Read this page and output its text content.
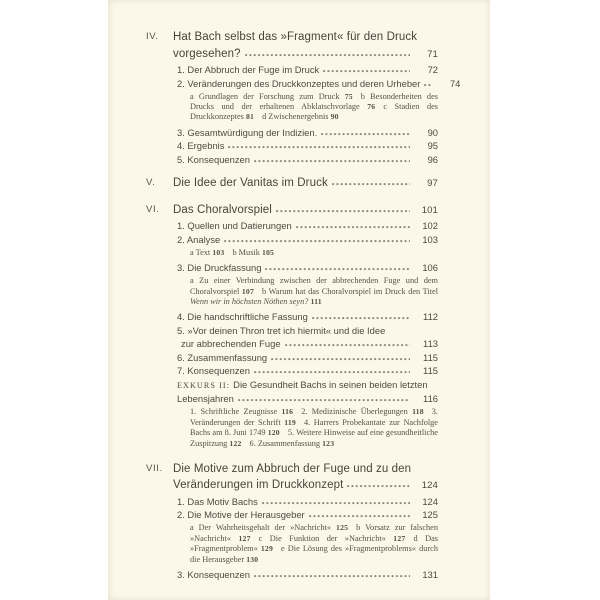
IV.	Hat Bach selbst das »Fragment« für den Druck
vorgesehen?	71
1. Der Abbruch der Fuge im Druck	72
2. Veränderungen des Druckkonzeptes und deren Urheber	74
a Grundlagen der Forschung zum Druck 75 b Besonderheiten des Drucks und der erhaltenen Abklatschvorlage 76 c Stadien des Druckkonzeptes 81 d Zwischenergebnis 90
3. Gesamtwürdigung der Indizien.	90
4. Ergebnis	95
5. Konsequenzen	96
V.	Die Idee der Vanitas im Druck	97
VI.	Das Choralvorspiel	101
1. Quellen und Datierungen	102
2. Analyse	103
a Text 103 b Musik 105
3. Die Druckfassung	106
a Zu einer Verbindung zwischen der abbrechenden Fuge und dem Choralvorspiel 107 b Warum hat das Choralvorspiel im Druck den Titel Wenn wir in höchsten Nöthen seyn? 111
4. Die handschriftliche Fassung	112
5. »Vor deinen Thron tret ich hiermit« und die Idee
zur abbrechenden Fuge	113
6. Zusammenfassung	115
7. Konsequenzen	115
EXKURS II: Die Gesundheit Bachs in seinen beiden letzten
Lebensjahren	116
1. Schriftliche Zeugnisse 116 2. Medizinische Überlegungen 118 3. Veränderungen der Schrift 119 4. Harrers Probekantate zur Nachfolge Bachs am 8. Juni 1749 120 5. Weitere Hinweise auf eine gesundheitliche Zuspitzung 122 6. Zusammenfassung 123
VII. Die Motive zum Abbruch der Fuge und zu den
Veränderungen im Druckkonzept	124
1. Das Motiv Bachs	124
2. Die Motive der Herausgeber	125
a Der Wahrheitsgehalt der »Nachricht« 125 b Vorsatz zur falschen »Nachricht« 127 c Die Funktion der »Nachricht« 127 d Das »Fragmentproblem« 129 e Die Lösung des »Fragmentproblems« durch die Herausgeber 130
3. Konsequenzen	131
